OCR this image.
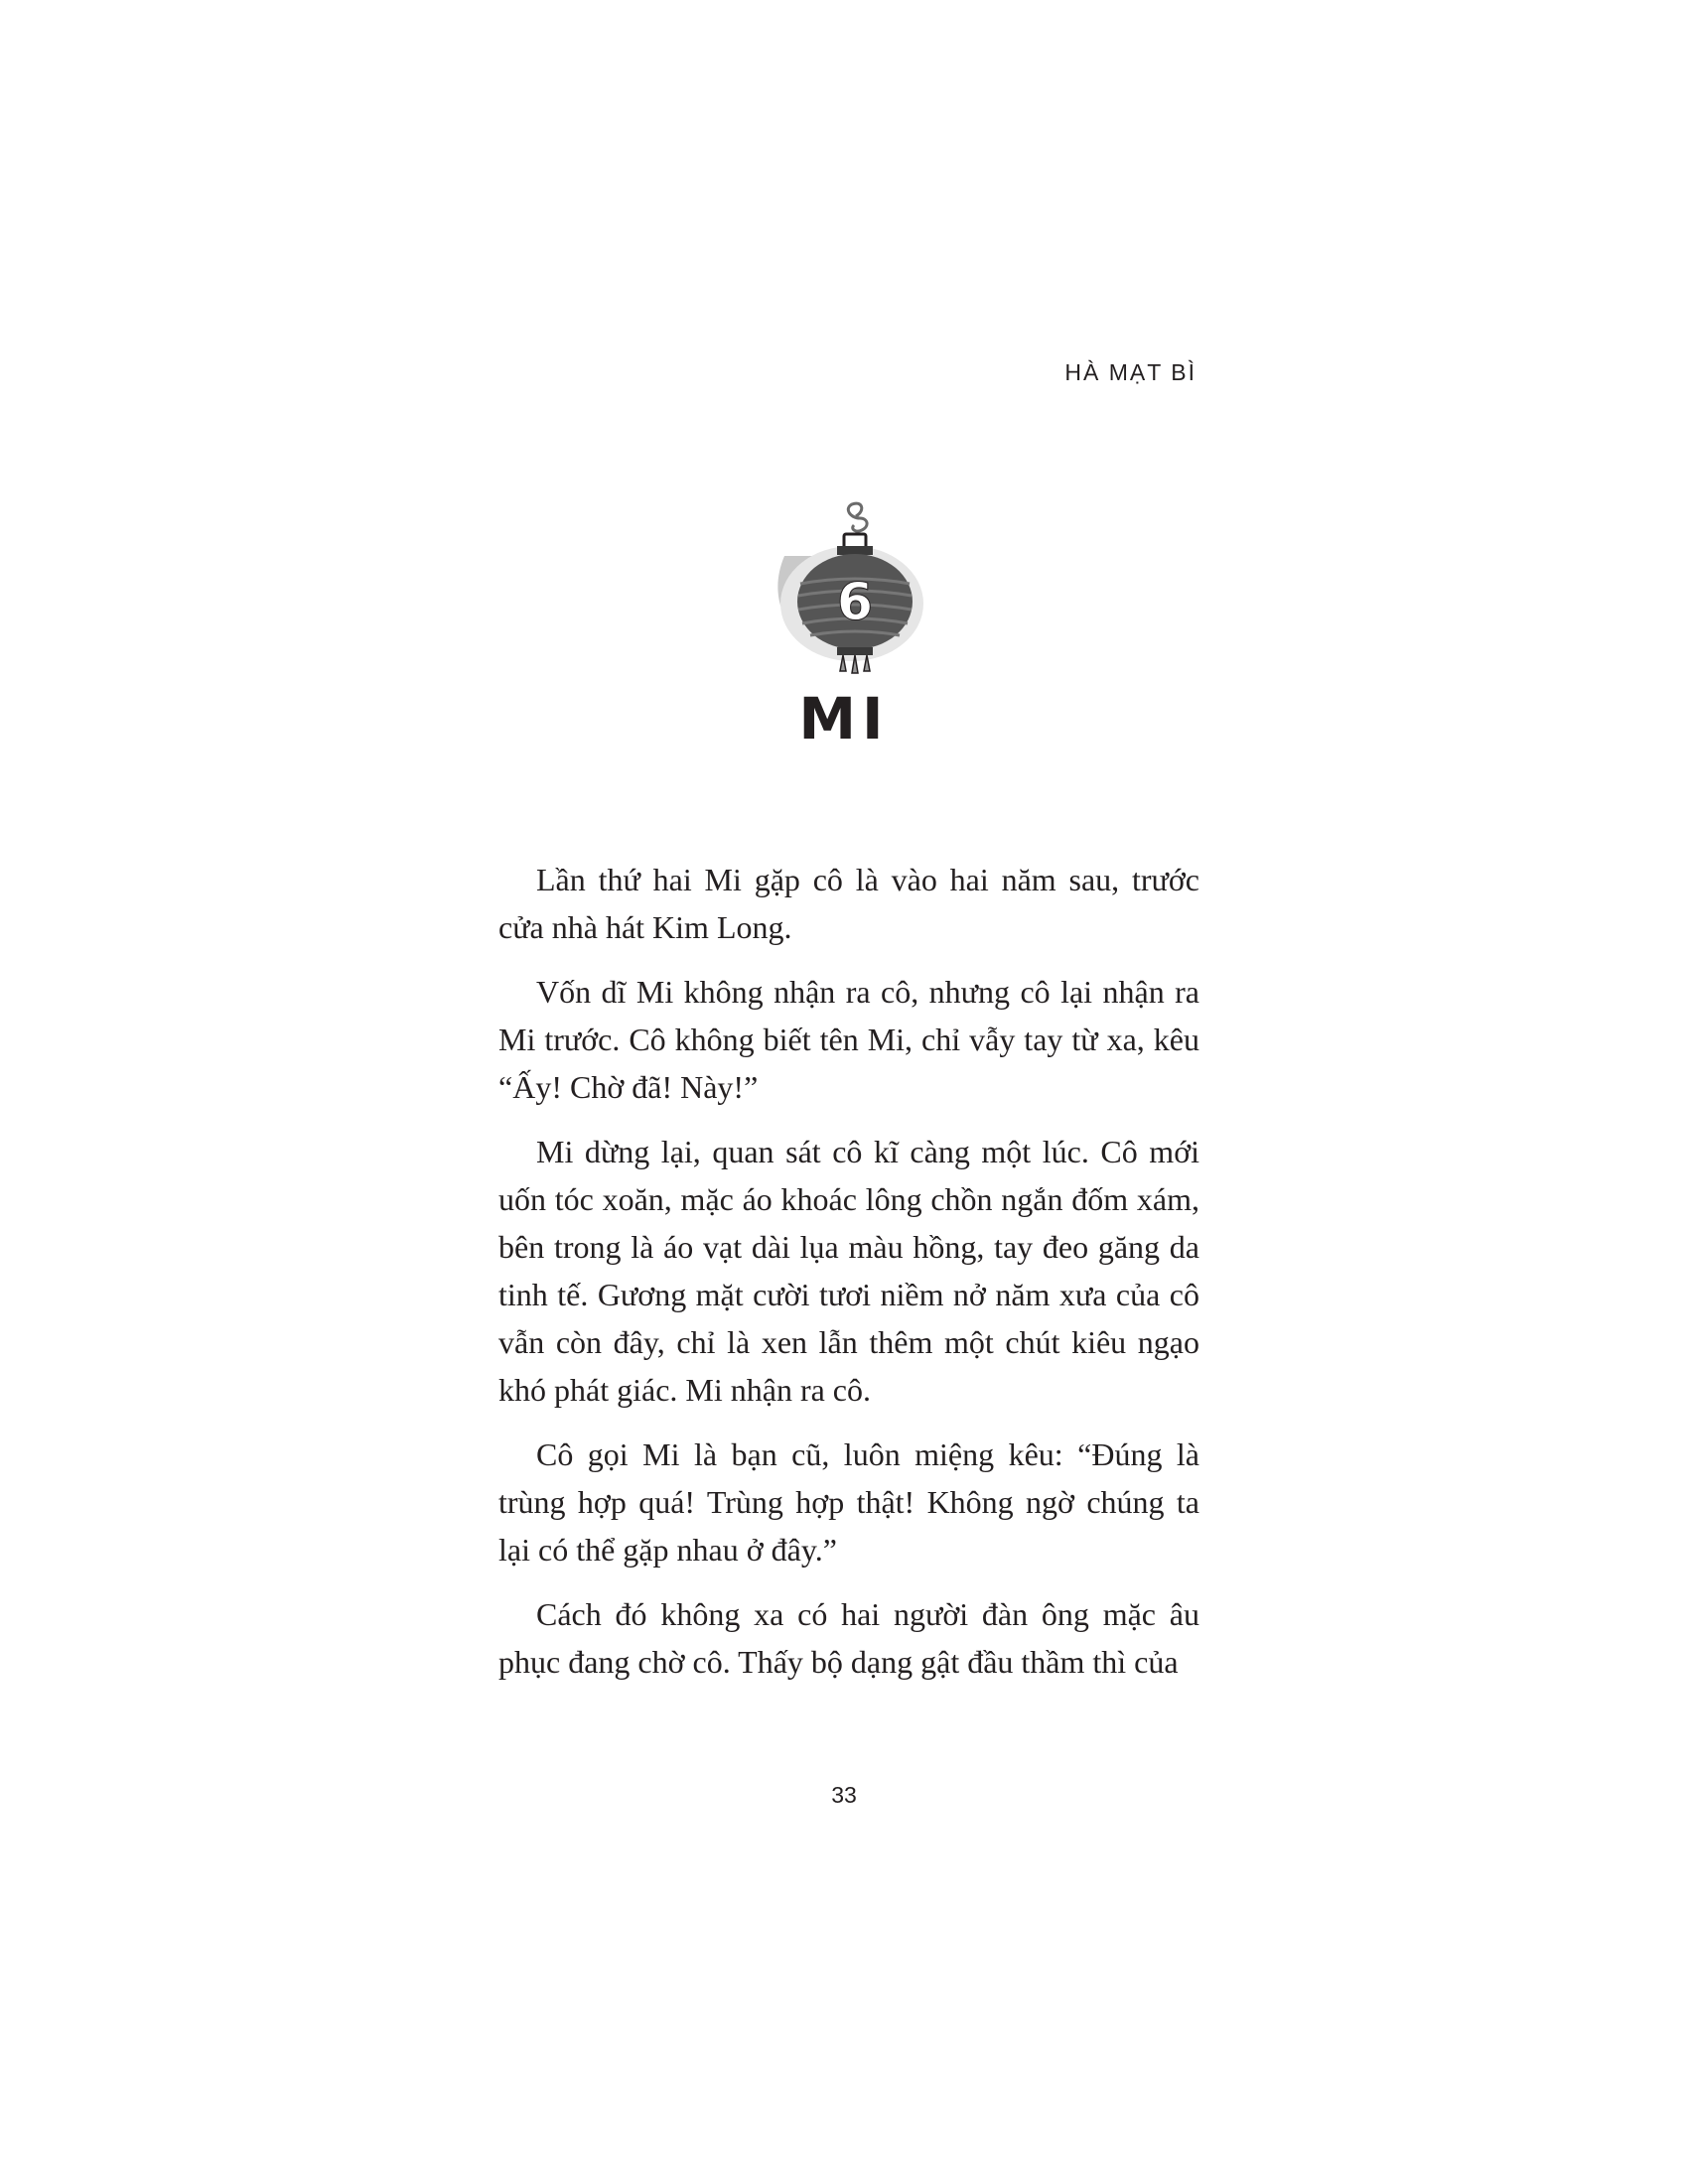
HÀ MẠT BÌ
6
MI

Lần thứ hai Mi gặp cô là vào hai năm sau, trước cửa nhà hát Kim Long.

Vốn dĩ Mi không nhận ra cô, nhưng cô lại nhận ra Mi trước. Cô không biết tên Mi, chỉ vẫy tay từ xa, kêu “Ấy! Chờ đã! Này!”

Mi dừng lại, quan sát cô kĩ càng một lúc. Cô mới uốn tóc xoăn, mặc áo khoác lông chồn ngắn đốm xám, bên trong là áo vạt dài lụa màu hồng, tay đeo găng da tinh tế. Gương mặt cười tươi niềm nở năm xưa của cô vẫn còn đây, chỉ là xen lẫn thêm một chút kiêu ngạo khó phát giác. Mi nhận ra cô.

Cô gọi Mi là bạn cũ, luôn miệng kêu: “Đúng là trùng hợp quá! Trùng hợp thật! Không ngờ chúng ta lại có thể gặp nhau ở đây.”

Cách đó không xa có hai người đàn ông mặc âu phục đang chờ cô. Thấy bộ dạng gật đầu thầm thì của

33
